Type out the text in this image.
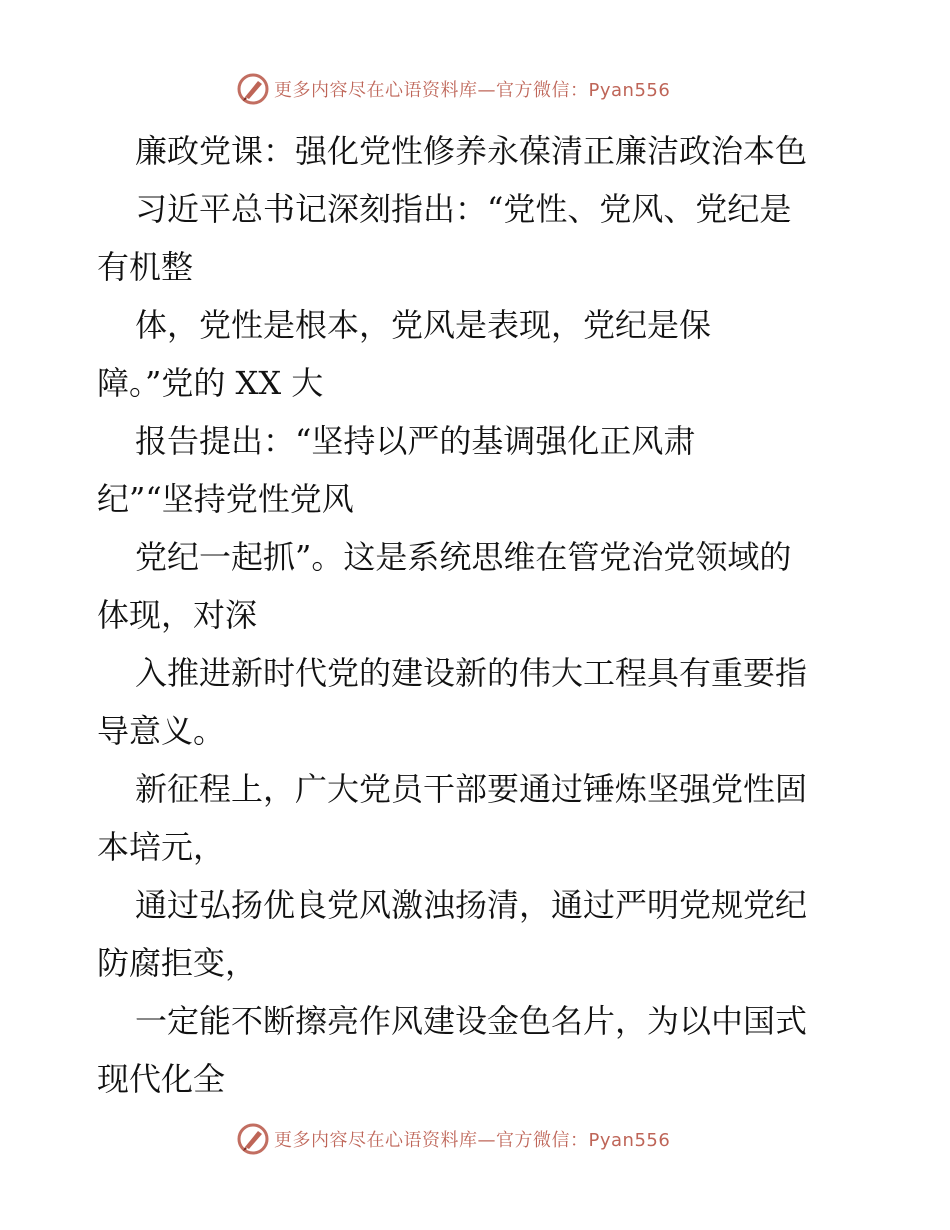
更多内容尽在心语资料库—官方微信：Pyan556
廉政党课：强化党性修养永葆清正廉洁政治本色
习近平总书记深刻指出：“党性、党风、党纪是
有机整
体，党性是根本，党风是表现，党纪是保
障。”党的 XX 大
报告提出：“坚持以严的基调强化正风肃
纪”“坚持党性党风
党纪一起抓”。这是系统思维在管党治党领域的
体现，对深
入推进新时代党的建设新的伟大工程具有重要指
导意义。
新征程上，广大党员干部要通过锤炼坚强党性固
本培元，
通过弘扬优良党风激浊扬清，通过严明党规党纪
防腐拒变，
一定能不断擦亮作风建设金色名片，为以中国式
现代化全
更多内容尽在心语资料库—官方微信：Pyan556
